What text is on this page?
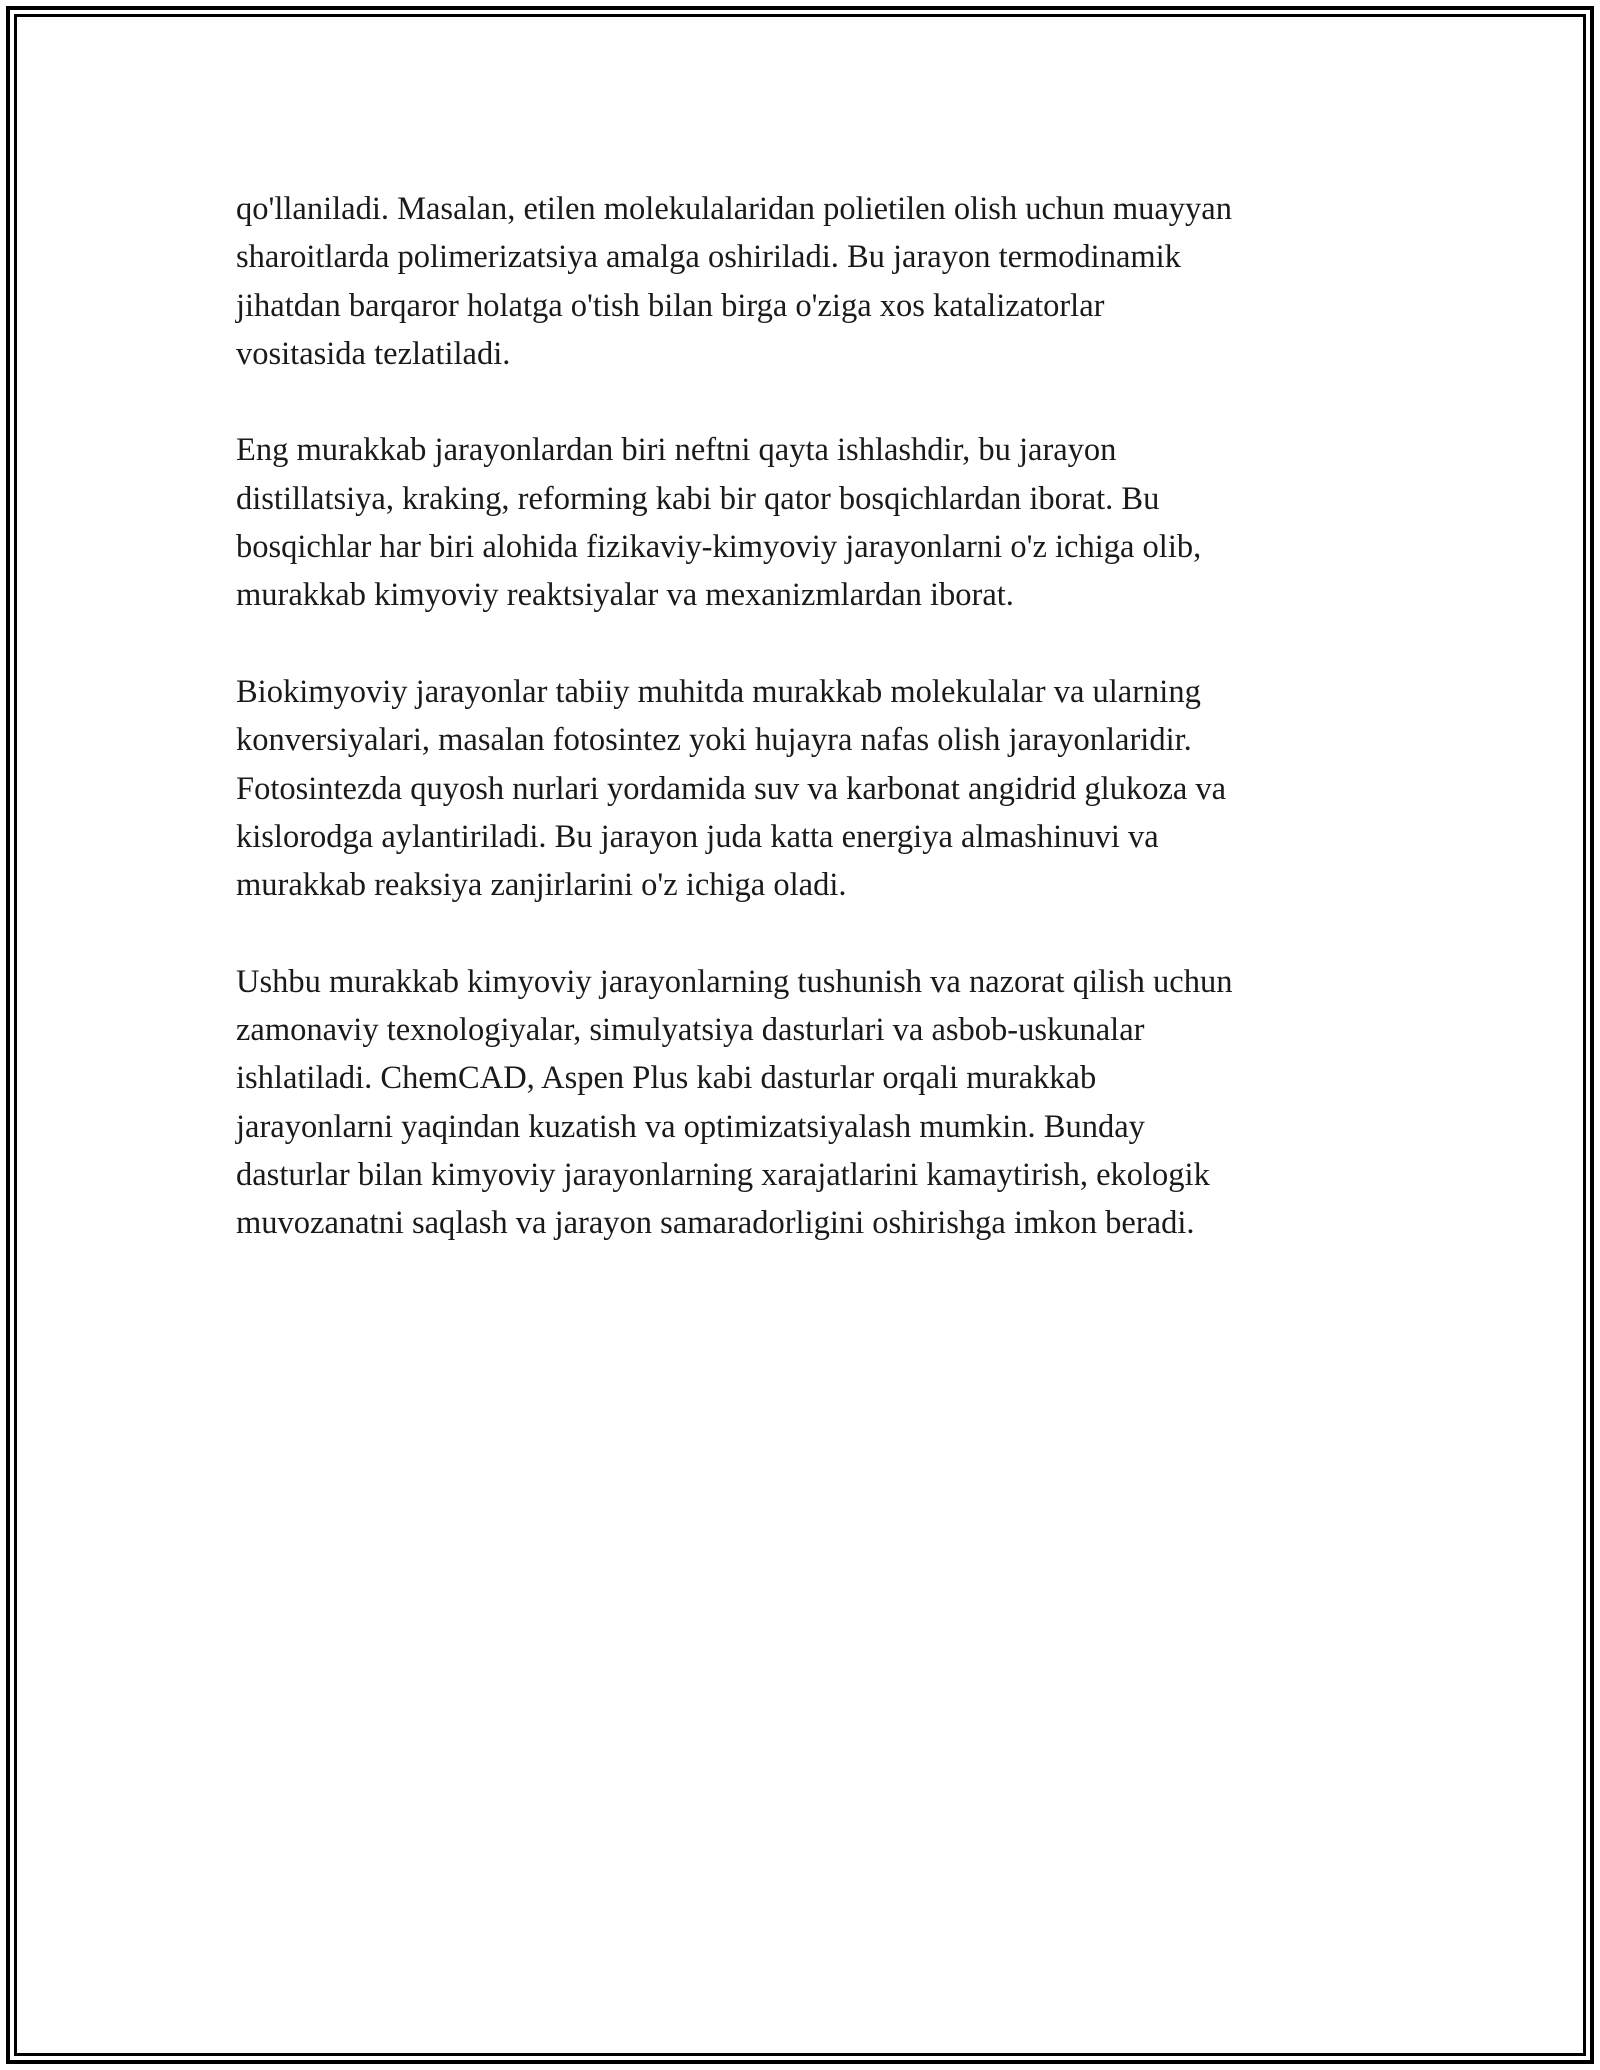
qo'llaniladi. Masalan, etilen molekulalaridan polietilen olish uchun muayyan
sharoitlarda polimerizatsiya amalga oshiriladi. Bu jarayon termodinamik
jihatdan barqaror holatga o'tish bilan birga o'ziga xos katalizatorlar
vositasida tezlatiladi.

Eng murakkab jarayonlardan biri neftni qayta ishlashdir, bu jarayon
distillatsiya, kraking, reforming kabi bir qator bosqichlardan iborat. Bu
bosqichlar har biri alohida fizikaviy-kimyoviy jarayonlarni o'z ichiga olib,
murakkab kimyoviy reaktsiyalar va mexanizmlardan iborat.

Biokimyoviy jarayonlar tabiiy muhitda murakkab molekulalar va ularning
konversiyalari, masalan fotosintez yoki hujayra nafas olish jarayonlaridir.
Fotosintezda quyosh nurlari yordamida suv va karbonat angidrid glukoza va
kislorodga aylantiriladi. Bu jarayon juda katta energiya almashinuvi va
murakkab reaksiya zanjirlarini o'z ichiga oladi.

Ushbu murakkab kimyoviy jarayonlarning tushunish va nazorat qilish uchun
zamonaviy texnologiyalar, simulyatsiya dasturlari va asbob-uskunalar
ishlatiladi. ChemCAD, Aspen Plus kabi dasturlar orqali murakkab
jarayonlarni yaqindan kuzatish va optimizatsiyalash mumkin. Bunday
dasturlar bilan kimyoviy jarayonlarning xarajatlarini kamaytirish, ekologik
muvozanatni saqlash va jarayon samaradorligini oshirishga imkon beradi.
